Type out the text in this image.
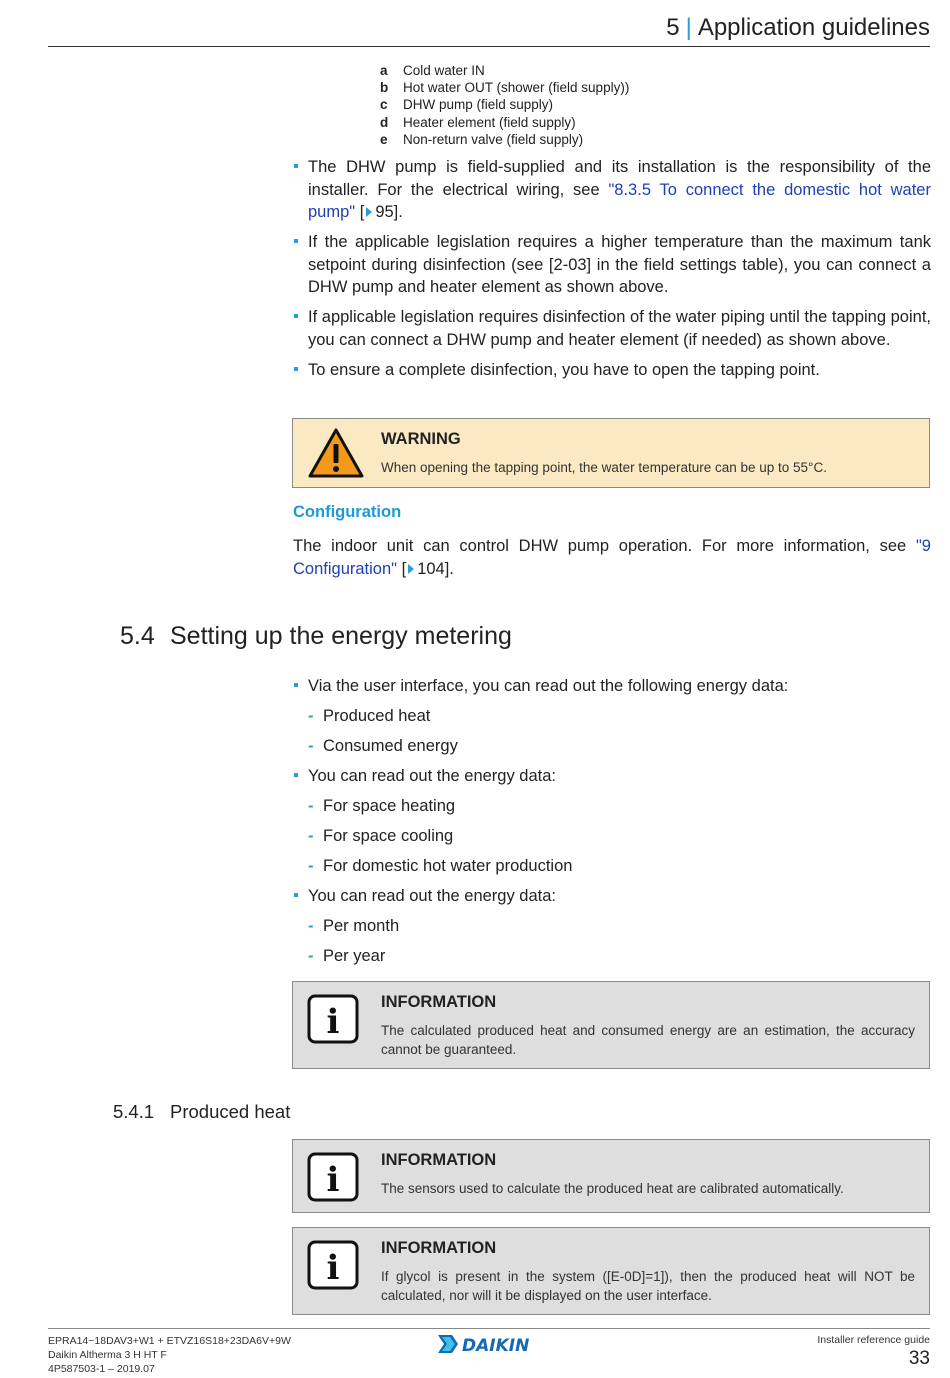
5 | Application guidelines
a	Cold water IN
b	Hot water OUT (shower (field supply))
c	DHW pump (field supply)
d	Heater element (field supply)
e	Non-return valve (field supply)
The DHW pump is field-supplied and its installation is the responsibility of the installer. For the electrical wiring, see "8.3.5 To connect the domestic hot water pump" [ 95].
If the applicable legislation requires a higher temperature than the maximum tank setpoint during disinfection (see [2-03] in the field settings table), you can connect a DHW pump and heater element as shown above.
If applicable legislation requires disinfection of the water piping until the tapping point, you can connect a DHW pump and heater element (if needed) as shown above.
To ensure a complete disinfection, you have to open the tapping point.
WARNING
When opening the tapping point, the water temperature can be up to 55°C.
Configuration
The indoor unit can control DHW pump operation. For more information, see "9 Configuration" [ 104].
5.4 Setting up the energy metering
Via the user interface, you can read out the following energy data:
- Produced heat
- Consumed energy
You can read out the energy data:
- For space heating
- For space cooling
- For domestic hot water production
You can read out the energy data:
- Per month
- Per year
i	INFORMATION
The calculated produced heat and consumed energy are an estimation, the accuracy cannot be guaranteed.
5.4.1 Produced heat
i	INFORMATION
The sensors used to calculate the produced heat are calibrated automatically.
i	INFORMATION
If glycol is present in the system ([E-0D]=1]), then the produced heat will NOT be calculated, nor will it be displayed on the user interface.
EPRA14~18DAV3+W1 + ETVZ16S18+23DA6V+9W
Daikin Altherma 3 H HT F
4P587503-1 – 2019.07
DAIKIN	Installer reference guide
33
